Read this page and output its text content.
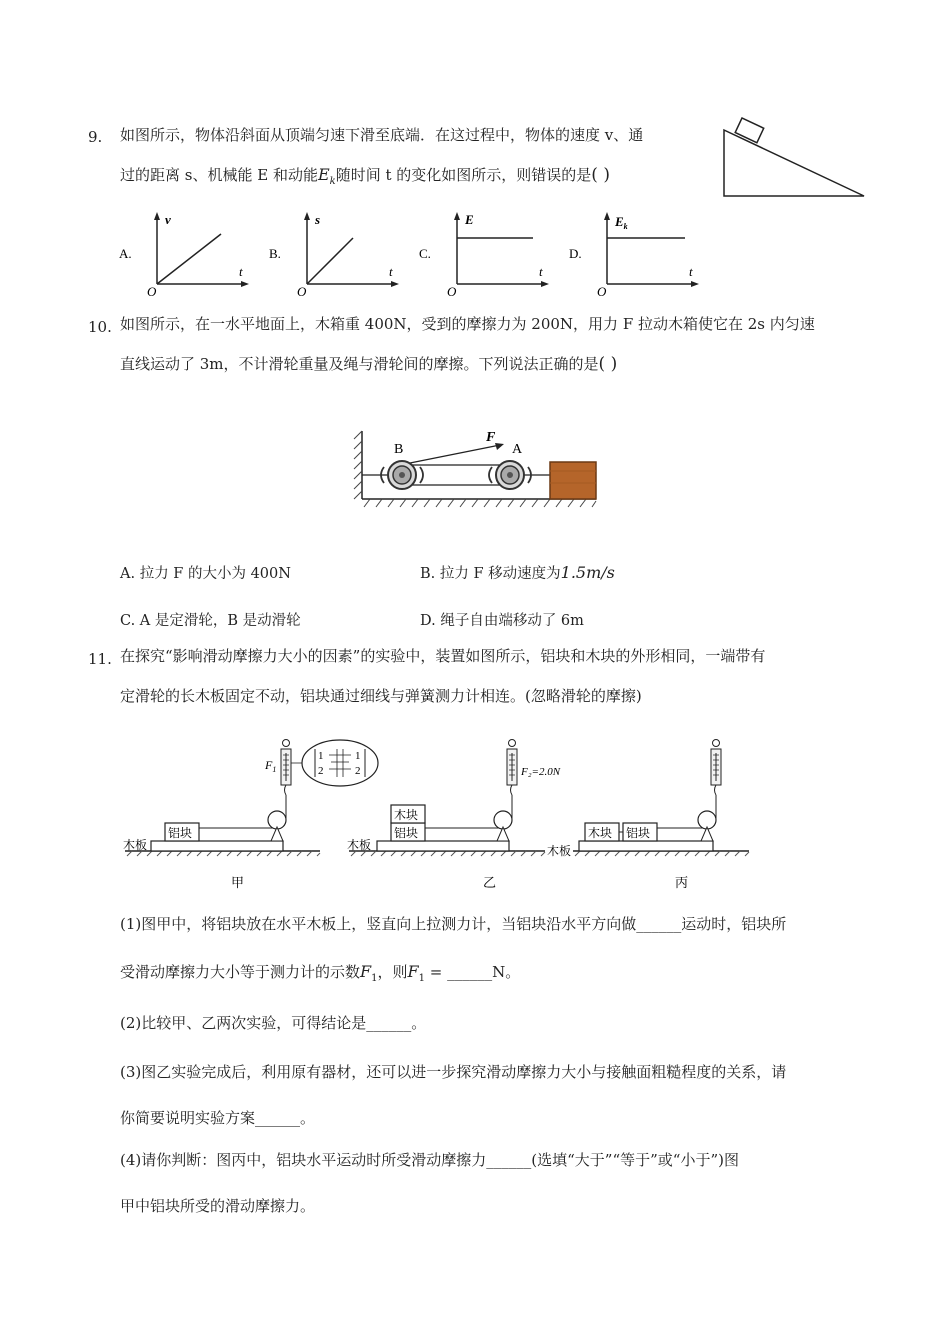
9. 如图所示，物体沿斜面从顶端匀速下滑至底端．在这过程中，物体的速度 v、通
过的距离 s、机械能 E 和动能$E_k$随时间 t 的变化如图所示，则错误的是( )
A.
v
t
O
B.
s
t
O
C.
E
t
O
D.
$E_k$
t
O
10. 如图所示，在一水平地面上，木箱重 400N，受到的摩擦力为 200N，用力 F 拉动木箱使它在 2s 内匀速
直线运动了 3m，不计滑轮重量及绳与滑轮间的摩擦。下列说法正确的是( )
F
B	A
A. 拉力 F 的大小为 400N	B. 拉力 F 移动速度为1.5m/s
C. A 是定滑轮，B 是动滑轮	D. 绳子自由端移动了 6m
11. 在探究“影响滑动摩擦力大小的因素”的实验中，装置如图所示，铝块和木块的外形相同，一端带有
定滑轮的长木板固定不动，铝块通过细线与弹簧测力计相连。(忽略滑轮的摩擦)
木板
铝块
$F_1$
1
2
1
2
甲
木板
铝块
木块
F₂=2.0N
乙
木板
木块 铝块
丙
(1)图甲中，将铝块放在水平木板上，竖直向上拉测力计，当铝块沿水平方向做______运动时，铝块所
受滑动摩擦力大小等于测力计的示数$F_1$，则$F_1$ = ______N。
(2)比较甲、乙两次实验，可得结论是______。
(3)图乙实验完成后，利用原有器材，还可以进一步探究滑动摩擦力大小与接触面粗糙程度的关系，请
你简要说明实验方案______。
(4)请你判断：图丙中，铝块水平运动时所受滑动摩擦力______(选填“大于”“等于”或“小于”)图
甲中铝块所受的滑动摩擦力。
